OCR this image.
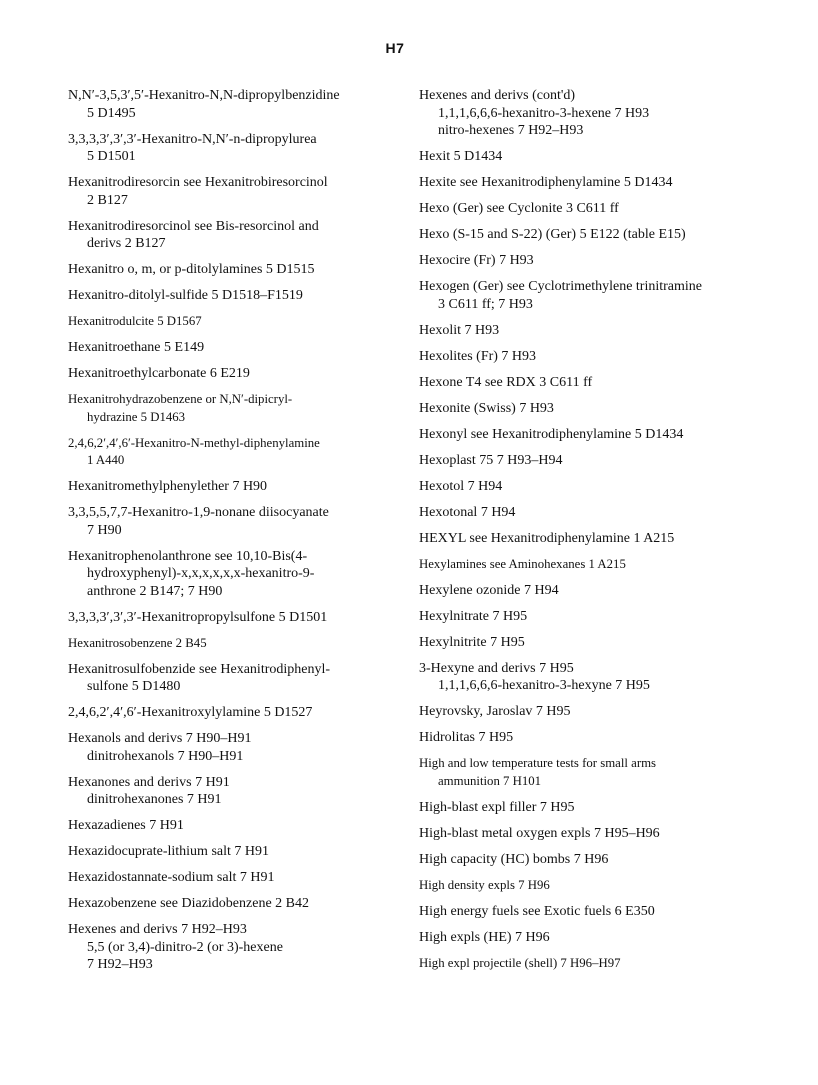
H7
N,N′-3,5,3′,5′-Hexanitro-N,N-dipropylbenzidine
5 D1495
3,3,3,3′,3′,3′-Hexanitro-N,N′-n-dipropylurea
5 D1501
Hexanitrodiresorcin see Hexanitrobiresorcinol
2 B127
Hexanitrodiresorcinol see Bis-resorcinol and
derivs 2 B127
Hexanitro o, m, or p-ditolylamines 5 D1515
Hexanitro-ditolyl-sulfide 5 D1518–F1519
Hexanitrodulcite 5 D1567
Hexanitroethane 5 E149
Hexanitroethylcarbonate 6 E219
Hexanitrohydrazobenzene or N,N′-dipicryl-
hydrazine 5 D1463
2,4,6,2′,4′,6′-Hexanitro-N-methyl-diphenylamine
1 A440
Hexanitromethylphenylether 7 H90
3,3,5,5,7,7-Hexanitro-1,9-nonane diisocyanate
7 H90
Hexanitrophenolanthrone see 10,10-Bis(4-
hydroxyphenyl)-x,x,x,x,x,x-hexanitro-9-
anthrone 2 B147; 7 H90
3,3,3,3′,3′,3′-Hexanitropropylsulfone 5 D1501
Hexanitrosobenzene 2 B45
Hexanitrosulfobenzide see Hexanitrodiphenyl-
sulfone 5 D1480
2,4,6,2′,4′,6′-Hexanitroxylylamine 5 D1527
Hexanols and derivs 7 H90–H91
dinitrohexanols 7 H90–H91
Hexanones and derivs 7 H91
dinitrohexanones 7 H91
Hexazadienes 7 H91
Hexazidocuprate-lithium salt 7 H91
Hexazidostannate-sodium salt 7 H91
Hexazobenzene see Diazidobenzene 2 B42
Hexenes and derivs 7 H92–H93
5,5 (or 3,4)-dinitro-2 (or 3)-hexene
7 H92–H93
Hexenes and derivs (cont'd)
1,1,1,6,6,6-hexanitro-3-hexene 7 H93
nitro-hexenes 7 H92–H93
Hexit 5 D1434
Hexite see Hexanitrodiphenylamine 5 D1434
Hexo (Ger) see Cyclonite 3 C611 ff
Hexo (S-15 and S-22) (Ger) 5 E122 (table E15)
Hexocire (Fr) 7 H93
Hexogen (Ger) see Cyclotrimethylene trinitramine
3 C611 ff; 7 H93
Hexolit 7 H93
Hexolites (Fr) 7 H93
Hexone T4 see RDX 3 C611 ff
Hexonite (Swiss) 7 H93
Hexonyl see Hexanitrodiphenylamine 5 D1434
Hexoplast 75 7 H93–H94
Hexotol 7 H94
Hexotonal 7 H94
HEXYL see Hexanitrodiphenylamine 1 A215
Hexylamines see Aminohexanes 1 A215
Hexylene ozonide 7 H94
Hexylnitrate 7 H95
Hexylnitrite 7 H95
3-Hexyne and derivs 7 H95
1,1,1,6,6,6-hexanitro-3-hexyne 7 H95
Heyrovsky, Jaroslav 7 H95
Hidrolitas 7 H95
High and low temperature tests for small arms
ammunition 7 H101
High-blast expl filler 7 H95
High-blast metal oxygen expls 7 H95–H96
High capacity (HC) bombs 7 H96
High density expls 7 H96
High energy fuels see Exotic fuels 6 E350
High expls (HE) 7 H96
High expl projectile (shell) 7 H96–H97
